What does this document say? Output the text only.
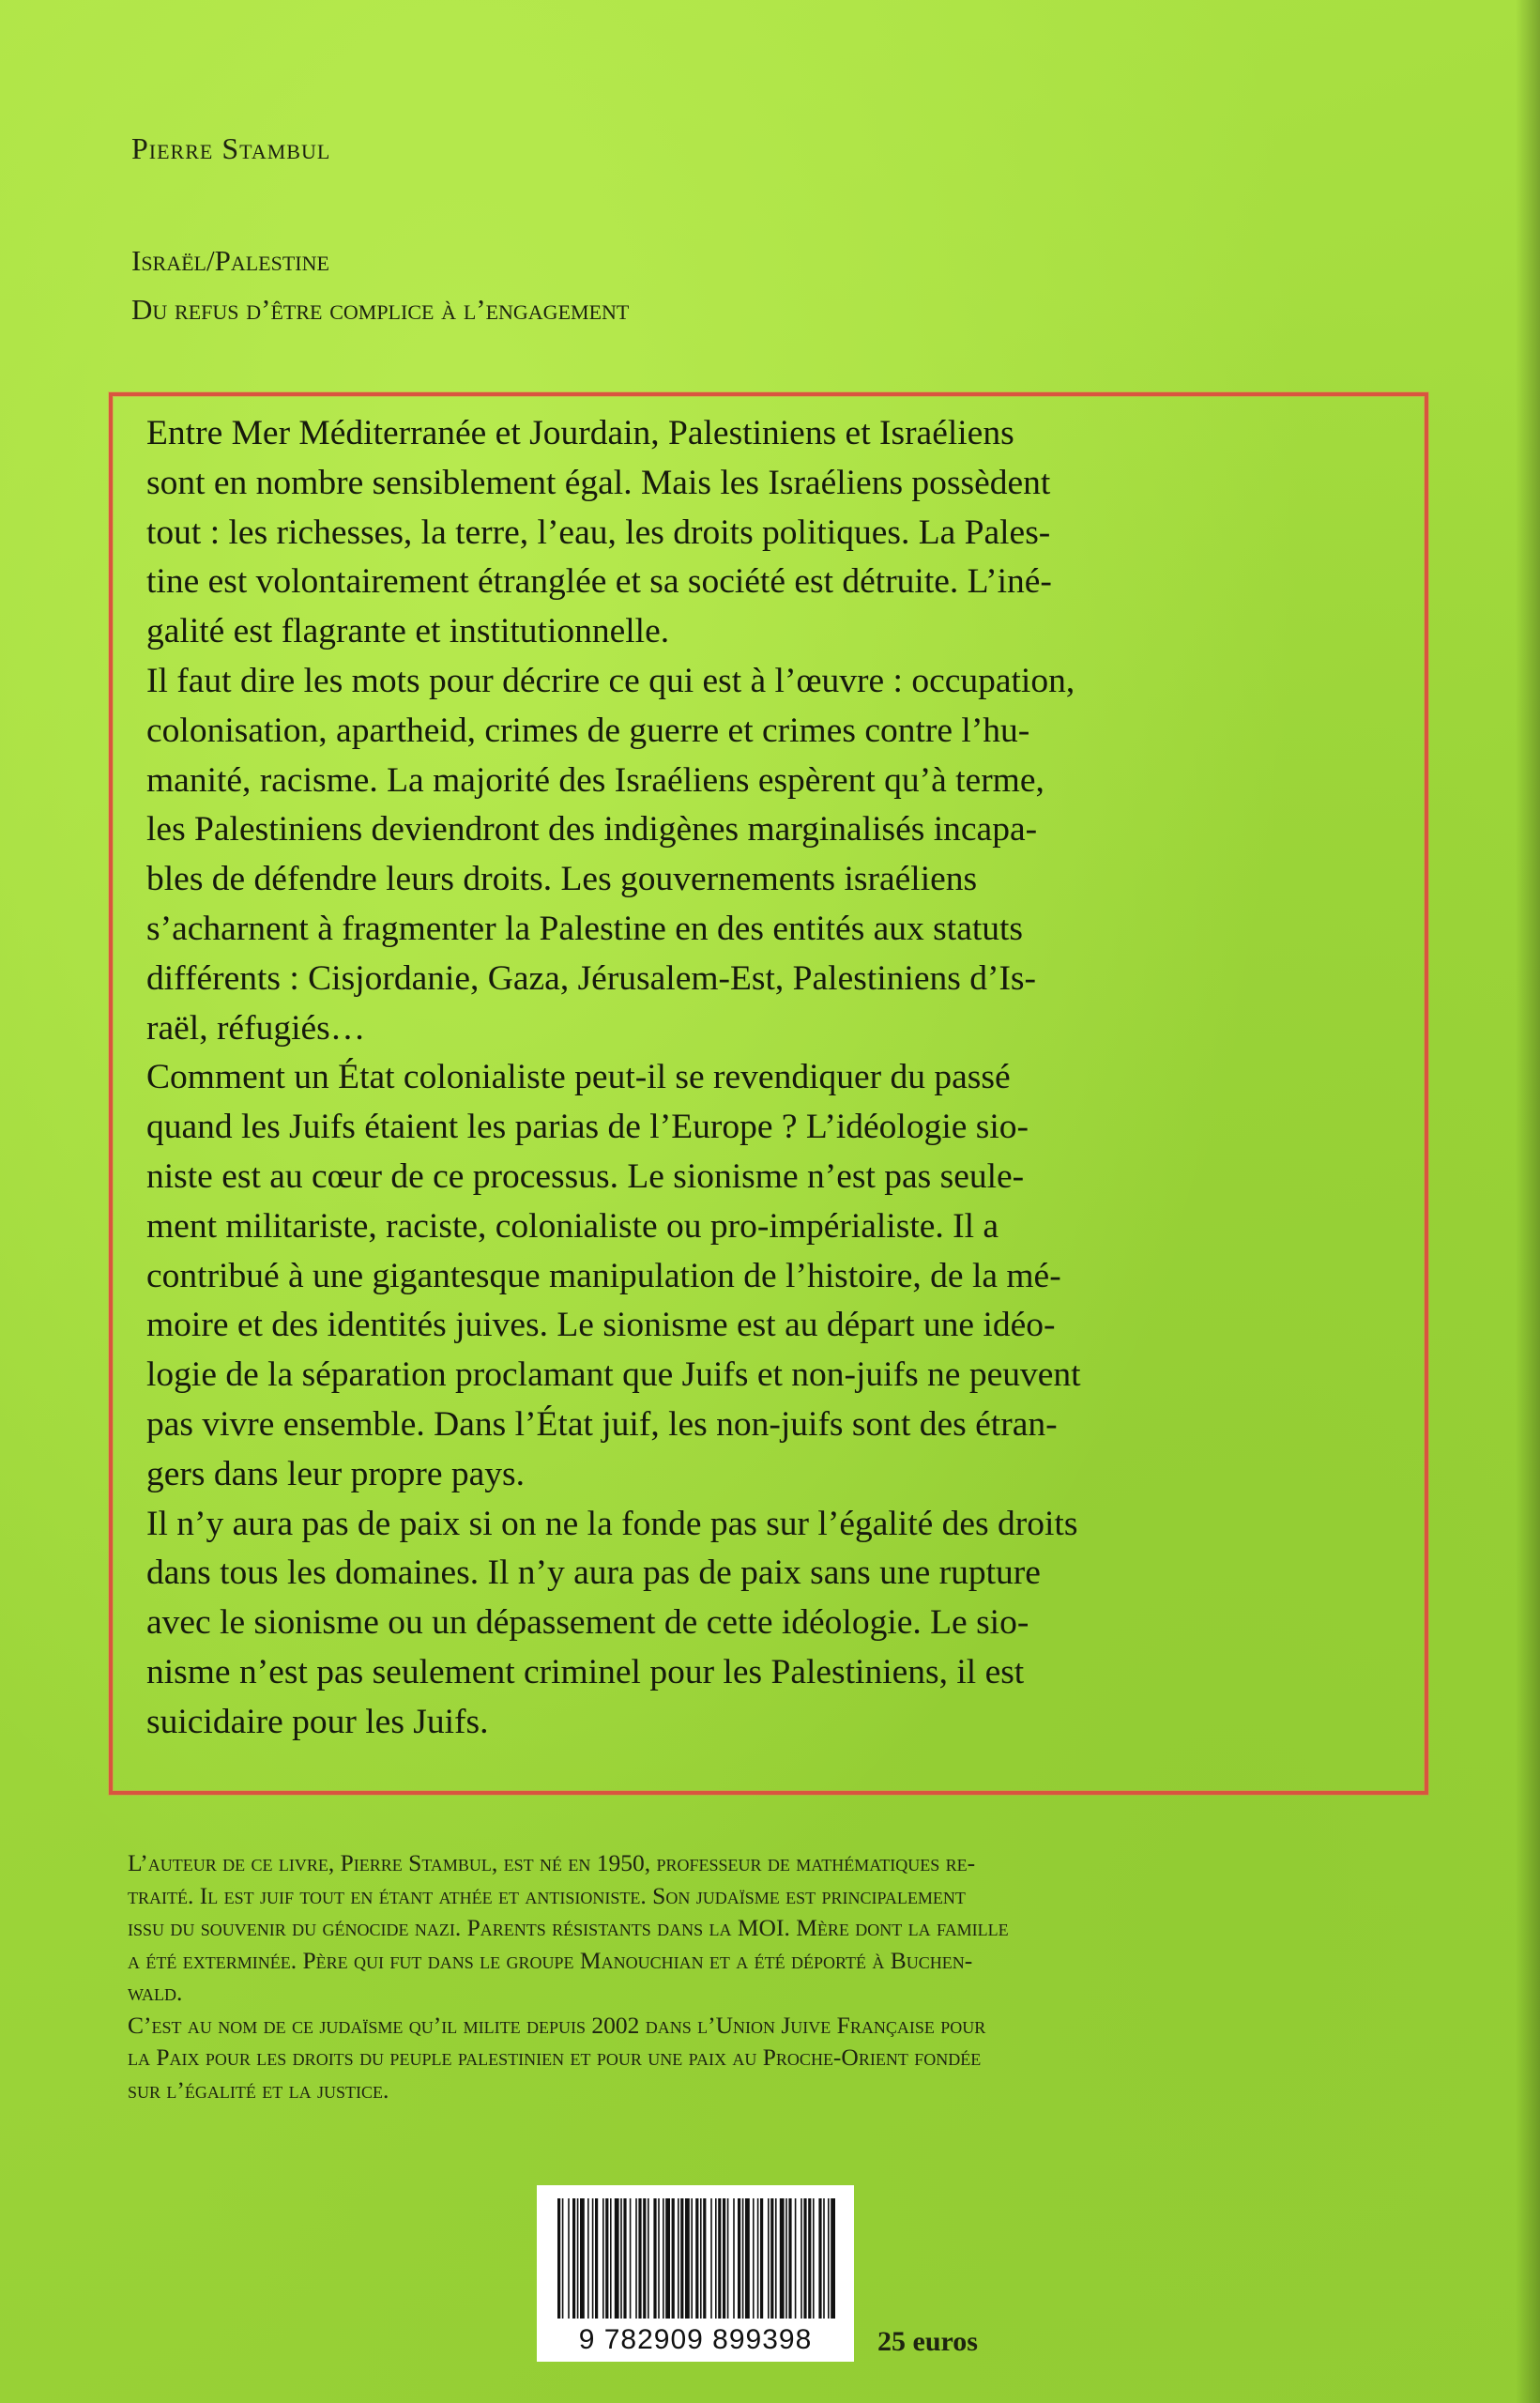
Pierre Stambul
Israël/Palestine
Du refus d’être complice à l’engagement
Entre Mer Méditerranée et Jourdain, Palestiniens et Israéliens
sont en nombre sensiblement égal. Mais les Israéliens possèdent
tout : les richesses, la terre, l’eau, les droits politiques. La Pales-
tine est volontairement étranglée et sa société est détruite. L’iné-
galité est flagrante et institutionnelle.
Il faut dire les mots pour décrire ce qui est à l’œuvre : occupation,
colonisation, apartheid, crimes de guerre et crimes contre l’hu-
manité, racisme. La majorité des Israéliens espèrent qu’à terme,
les Palestiniens deviendront des indigènes marginalisés incapa-
bles de défendre leurs droits. Les gouvernements israéliens
s’acharnent à fragmenter la Palestine en des entités aux statuts
différents : Cisjordanie, Gaza, Jérusalem-Est, Palestiniens d’Is-
raël, réfugiés…
Comment un État colonialiste peut-il se revendiquer du passé
quand les Juifs étaient les parias de l’Europe ? L’idéologie sio-
niste est au cœur de ce processus. Le sionisme n’est pas seule-
ment militariste, raciste, colonialiste ou pro-impérialiste. Il a
contribué à une gigantesque manipulation de l’histoire, de la mé-
moire et des identités juives. Le sionisme est au départ une idéo-
logie de la séparation proclamant que Juifs et non-juifs ne peuvent
pas vivre ensemble. Dans l’État juif, les non-juifs sont des étran-
gers dans leur propre pays.
Il n’y aura pas de paix si on ne la fonde pas sur l’égalité des droits
dans tous les domaines. Il n’y aura pas de paix sans une rupture
avec le sionisme ou un dépassement de cette idéologie. Le sio-
nisme n’est pas seulement criminel pour les Palestiniens, il est
suicidaire pour les Juifs.
L’auteur de ce livre, Pierre Stambul, est né en 1950, professeur de mathématiques re-
traité. Il est juif tout en étant athée et antisioniste. Son judaïsme est principalement
issu du souvenir du génocide nazi. Parents résistants dans la MOI. Mère dont la famille
a été exterminée. Père qui fut dans le groupe Manouchian et a été déporté à Buchen-
wald.
C’est au nom de ce judaïsme qu’il milite depuis 2002 dans l’Union Juive Française pour
la Paix pour les droits du peuple palestinien et pour une paix au Proche-Orient fondée
sur l’égalité et la justice.
9 782909 899398	25 euros
